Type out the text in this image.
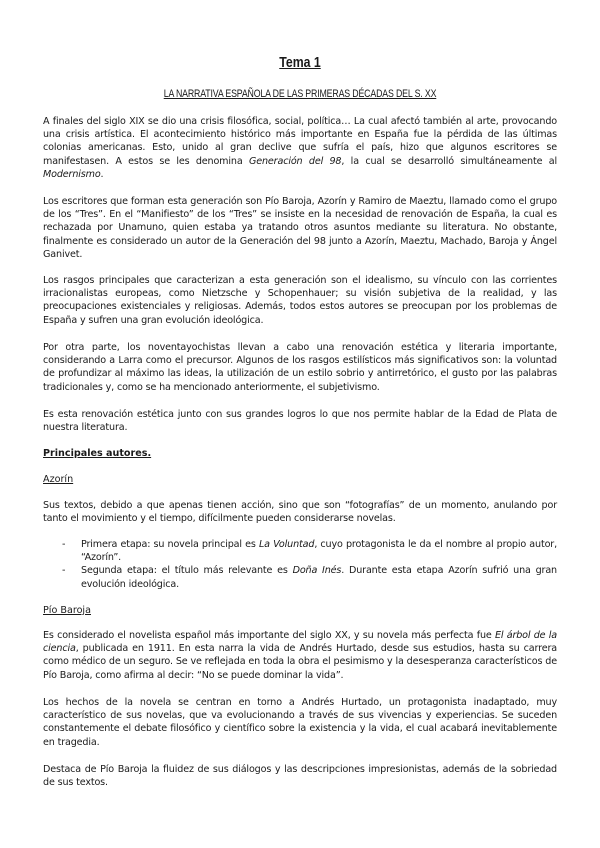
Tema 1
LA NARRATIVA ESPAÑOLA DE LAS PRIMERAS DÉCADAS DEL S. XX

A finales del siglo XIX se dio una crisis filosófica, social, política… La cual afectó también al arte, provocando una crisis artística. El acontecimiento histórico más importante en España fue la pérdida de las últimas colonias americanas. Esto, unido al gran declive que sufría el país, hizo que algunos escritores se manifestasen. A estos se les denomina Generación del 98, la cual se desarrolló simultáneamente al Modernismo.

Los escritores que forman esta generación son Pío Baroja, Azorín y Ramiro de Maeztu, llamado como el grupo de los “Tres”. En el “Manifiesto” de los “Tres” se insiste en la necesidad de renovación de España, la cual es rechazada por Unamuno, quien estaba ya tratando otros asuntos mediante su literatura. No obstante, finalmente es considerado un autor de la Generación del 98 junto a Azorín, Maeztu, Machado, Baroja y Ángel Ganivet.

Los rasgos principales que caracterizan a esta generación son el idealismo, su vínculo con las corrientes irracionalistas europeas, como Nietzsche y Schopenhauer; su visión subjetiva de la realidad, y las preocupaciones existenciales y religiosas. Además, todos estos autores se preocupan por los problemas de España y sufren una gran evolución ideológica.

Por otra parte, los noventayochistas llevan a cabo una renovación estética y literaria importante, considerando a Larra como el precursor. Algunos de los rasgos estilísticos más significativos son: la voluntad de profundizar al máximo las ideas, la utilización de un estilo sobrio y antirretórico, el gusto por las palabras tradicionales y, como se ha mencionado anteriormente, el subjetivismo.

Es esta renovación estética junto con sus grandes logros lo que nos permite hablar de la Edad de Plata de nuestra literatura.

Principales autores.

Azorín

Sus textos, debido a que apenas tienen acción, sino que son “fotografías” de un momento, anulando por tanto el movimiento y el tiempo, difícilmente pueden considerarse novelas.

- Primera etapa: su novela principal es La Voluntad, cuyo protagonista le da el nombre al propio autor, “Azorín”.
- Segunda etapa: el título más relevante es Doña Inés. Durante esta etapa Azorín sufrió una gran evolución ideológica.

Pío Baroja

Es considerado el novelista español más importante del siglo XX, y su novela más perfecta fue El árbol de la ciencia, publicada en 1911. En esta narra la vida de Andrés Hurtado, desde sus estudios, hasta su carrera como médico de un seguro. Se ve reflejada en toda la obra el pesimismo y la desesperanza característicos de Pío Baroja, como afirma al decir: “No se puede dominar la vida”.

Los hechos de la novela se centran en torno a Andrés Hurtado, un protagonista inadaptado, muy característico de sus novelas, que va evolucionando a través de sus vivencias y experiencias. Se suceden constantemente el debate filosófico y científico sobre la existencia y la vida, el cual acabará inevitablemente en tragedia.

Destaca de Pío Baroja la fluidez de sus diálogos y las descripciones impresionistas, además de la sobriedad de sus textos.
